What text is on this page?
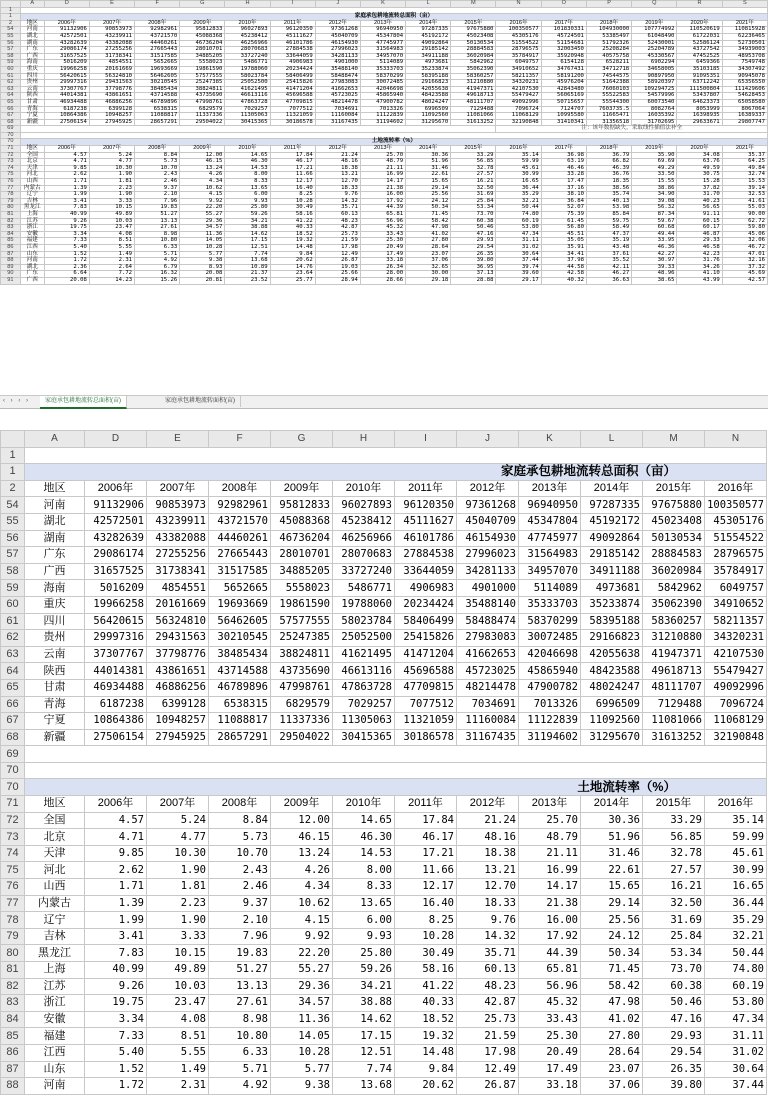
	A	D	E	F	G	H	I	J	K	L	M	N	O	P	Q	R	S
1																	
1	家庭承包耕地流转总面积（亩）																
2	地区	2006年	2007年	2008年	2009年	2010年	2011年	2012年	2013年	2014年	2015年	2016年	2017年	2018年	2019年	2020年	2021年
54	河南	91132906	90853973	92982961	95812833	96027893	96120350	97361268	96940950	97287335	97675880	100350577	101830331	104930000	107774992	110520619	110815928
55	湖北	42572501	43239911	43721570	45088368	45238412	45111627	45040709	45347804	45192172	45023408	45305176	45724501	53385497	61048490	61722031	62236465
56	湖南	43282639	43382088	44460261	46736204	46256966	46101786	46154930	47745977	49092864	50130534	51554522	51154681	51792326	52430001	52586124	52730501
57	广东	29086174	27255256	27665443	28010701	28070683	27884538	27996023	31564983	29185142	28884583	28796575	32003450	25208284	25204789	43727542	34939003
58	广西	31657525	31738341	31517585	34885205	33727240	33644059	34281133	34957070	34911188	36020984	35784917	35920948	40575758	45330567	47452525	48953708
59	海南	5016209	4854551	5652665	5558023	5486771	4906983	4901000	5114089	4973681	5842962	6049757	6154128	6528211	6902294	6459366	7549748
60	重庆	19966258	20161669	19693669	19861590	19788060	20234424	35488140	35333703	35233874	35062390	34910652	34767431	34712718	34658005	35103185	34307492
61	四川	56420615	56324810	56462605	57577555	58023784	58406499	58488474	58370299	58395188	58360257	58211357	58191200	74544575	90897950	91095351	90945078
62	贵州	29997316	29431563	30210545	25247385	25052500	25415826	27983083	30072485	29166823	31210880	34320231	45976204	51642388	58920397	63712242	65356550
63	云南	37307767	37798776	38485434	38824811	41621495	41471204	41662653	42046698	42055638	41947371	42107530	42843480	76060103	109294725	111500804	111429606
64	陕西	44014381	43861651	43714588	43735690	46613116	45696588	45723025	45865940	48423588	49618713	55479427	56065169	55522583	54579996	53437807	54628453
65	甘肃	46934488	46886256	46789896	47998761	47863728	47709815	48214478	47900782	48024247	48111707	49092996	50715657	55544300	60073540	64623373	65058580
66	青海	6187238	6399128	6538315	6829579	7029257	7077512	7034691	7013326	6996509	7129488	7096724	7124707	7603735.5	8082764	8053999	8067064
67	宁夏	10864386	10948257	11088817	11337336	11305063	11321059	11160084	11122839	11092560	11081066	11068129	10995580	11665471	16035392	16398935	16389337
68	新疆	27506154	27945925	28657291	29504022	30415365	30186578	31167435	31194602	31295670	31613252	32190848	31410341	31356518	31702695	29633671	29807747
69												注：该年数据缺失，采取线性插值法补全					
70																	
70	土地流转率（%）																
71	地区	2006年	2007年	2008年	2009年	2010年	2011年	2012年	2013年	2014年	2015年	2016年	2017年	2018年	2019年	2020年	2021年
72	全国	4.57	5.24	8.84	12.00	14.65	17.84	21.24	25.70	30.36	33.29	35.14	36.98	36.79	35.90	34.08	35.37
73	北京	4.71	4.77	5.73	46.15	46.30	46.17	48.16	48.79	51.96	56.85	59.99	63.19	66.82	69.69	63.76	64.25
74	天津	9.85	10.30	10.70	13.24	14.53	17.21	18.38	21.11	31.46	32.78	45.61	46.46	46.39	49.29	49.59	49.84
75	河北	2.62	1.90	2.43	4.26	8.00	11.66	13.21	16.99	22.61	27.57	30.99	33.28	36.76	33.50	30.75	32.74
76	山西	1.71	1.81	2.46	4.34	8.33	12.17	12.70	14.17	15.65	16.21	16.65	17.47	18.35	15.55	15.28	15.53
77	内蒙古	1.39	2.23	9.37	10.62	13.65	16.40	18.33	21.38	29.14	32.50	36.44	37.16	38.56	38.86	37.82	39.14
78	辽宁	1.99	1.90	2.10	4.15	6.00	8.25	9.76	16.00	25.56	31.69	35.29	38.10	35.74	34.90	31.70	32.53
79	吉林	3.41	3.33	7.96	9.92	9.93	10.28	14.32	17.92	24.12	25.84	32.21	36.84	40.13	39.08	40.23	41.61
80	黑龙江	7.83	10.15	19.83	22.20	25.80	30.49	35.71	44.39	50.34	53.34	50.44	52.07	53.98	56.32	56.65	55.03
81	上海	40.99	49.89	51.27	55.27	59.26	58.16	60.13	65.81	71.45	73.70	74.80	75.39	85.84	87.34	91.11	90.00
82	江苏	9.26	10.03	13.13	29.36	34.21	41.22	48.23	56.96	58.42	60.38	60.19	61.45	59.75	59.67	60.15	62.72
83	浙江	19.75	23.47	27.61	34.57	38.88	40.33	42.87	45.32	47.98	50.46	53.80	56.80	58.49	60.68	60.17	59.80
84	安徽	3.34	4.08	8.98	11.36	14.62	18.52	25.73	33.43	41.02	47.16	47.34	45.51	47.37	49.44	46.87	45.06
85	福建	7.33	8.51	10.80	14.05	17.15	19.32	21.59	25.30	27.80	29.93	31.11	35.05	35.19	33.95	29.33	32.06
86	江西	5.40	5.55	6.33	10.28	12.51	14.48	17.98	20.49	28.64	29.54	31.02	35.91	43.48	46.36	46.58	46.72
87	山东	1.52	1.49	5.71	5.77	7.74	9.84	12.49	17.49	23.07	26.35	30.64	34.41	37.61	42.27	42.23	47.01
88	河南	1.72	2.31	4.92	9.38	13.68	20.62	26.87	33.18	37.06	39.80	37.44	37.98	35.52	30.97	31.76	32.16
89	湖北	2.36	2.64	6.79	8.93	10.89	14.76	19.03	26.34	32.65	36.95	39.74	44.58	42.11	39.33	34.26	37.32
90	广东	6.64	7.72	16.32	20.08	21.37	23.64	25.66	28.00	30.00	37.13	39.60	42.58	46.27	48.96	41.10	45.69
91	广西	20.08	14.23	15.26	20.81	23.52	25.77	28.94	28.66	29.18	28.88	29.17	40.32	36.63	38.65	43.99	42.57
‹ › ‹ ›	家庭承包耕地流转总面积(亩)	家庭承包耕地流转面积(亩)
	A	D	E	F	G	H	I	J	K	L	M	N
1												
1	家庭承包耕地流转总面积（亩）											
2	地区	2006年	2007年	2008年	2009年	2010年	2011年	2012年	2013年	2014年	2015年	2016年
54	河南	91132906	90853973	92982961	95812833	96027893	96120350	97361268	96940950	97287335	97675880	100350577
55	湖北	42572501	43239911	43721570	45088368	45238412	45111627	45040709	45347804	45192172	45023408	45305176
56	湖南	43282639	43382088	44460261	46736204	46256966	46101786	46154930	47745977	49092864	50130534	51554522
57	广东	29086174	27255256	27665443	28010701	28070683	27884538	27996023	31564983	29185142	28884583	28796575
58	广西	31657525	31738341	31517585	34885205	33727240	33644059	34281133	34957070	34911188	36020984	35784917
59	海南	5016209	4854551	5652665	5558023	5486771	4906983	4901000	5114089	4973681	5842962	6049757
60	重庆	19966258	20161669	19693669	19861590	19788060	20234424	35488140	35333703	35233874	35062390	34910652
61	四川	56420615	56324810	56462605	57577555	58023784	58406499	58488474	58370299	58395188	58360257	58211357
62	贵州	29997316	29431563	30210545	25247385	25052500	25415826	27983083	30072485	29166823	31210880	34320231
63	云南	37307767	37798776	38485434	38824811	41621495	41471204	41662653	42046698	42055638	41947371	42107530
64	陕西	44014381	43861651	43714588	43735690	46613116	45696588	45723025	45865940	48423588	49618713	55479427
65	甘肃	46934488	46886256	46789896	47998761	47863728	47709815	48214478	47900782	48024247	48111707	49092996
66	青海	6187238	6399128	6538315	6829579	7029257	7077512	7034691	7013326	6996509	7129488	7096724
67	宁夏	10864386	10948257	11088817	11337336	11305063	11321059	11160084	11122839	11092560	11081066	11068129
68	新疆	27506154	27945925	28657291	29504022	30415365	30186578	31167435	31194602	31295670	31613252	32190848
69												
70												
70	土地流转率（%）											
71	地区	2006年	2007年	2008年	2009年	2010年	2011年	2012年	2013年	2014年	2015年	2016年
72	全国	4.57	5.24	8.84	12.00	14.65	17.84	21.24	25.70	30.36	33.29	35.14
73	北京	4.71	4.77	5.73	46.15	46.30	46.17	48.16	48.79	51.96	56.85	59.99
74	天津	9.85	10.30	10.70	13.24	14.53	17.21	18.38	21.11	31.46	32.78	45.61
75	河北	2.62	1.90	2.43	4.26	8.00	11.66	13.21	16.99	22.61	27.57	30.99
76	山西	1.71	1.81	2.46	4.34	8.33	12.17	12.70	14.17	15.65	16.21	16.65
77	内蒙古	1.39	2.23	9.37	10.62	13.65	16.40	18.33	21.38	29.14	32.50	36.44
78	辽宁	1.99	1.90	2.10	4.15	6.00	8.25	9.76	16.00	25.56	31.69	35.29
79	吉林	3.41	3.33	7.96	9.92	9.93	10.28	14.32	17.92	24.12	25.84	32.21
80	黑龙江	7.83	10.15	19.83	22.20	25.80	30.49	35.71	44.39	50.34	53.34	50.44
81	上海	40.99	49.89	51.27	55.27	59.26	58.16	60.13	65.81	71.45	73.70	74.80
82	江苏	9.26	10.03	13.13	29.36	34.21	41.22	48.23	56.96	58.42	60.38	60.19
83	浙江	19.75	23.47	27.61	34.57	38.88	40.33	42.87	45.32	47.98	50.46	53.80
84	安徽	3.34	4.08	8.98	11.36	14.62	18.52	25.73	33.43	41.02	47.16	47.34
85	福建	7.33	8.51	10.80	14.05	17.15	19.32	21.59	25.30	27.80	29.93	31.11
86	江西	5.40	5.55	6.33	10.28	12.51	14.48	17.98	20.49	28.64	29.54	31.02
87	山东	1.52	1.49	5.71	5.77	7.74	9.84	12.49	17.49	23.07	26.35	30.64
88	河南	1.72	2.31	4.92	9.38	13.68	20.62	26.87	33.18	37.06	39.80	37.44
